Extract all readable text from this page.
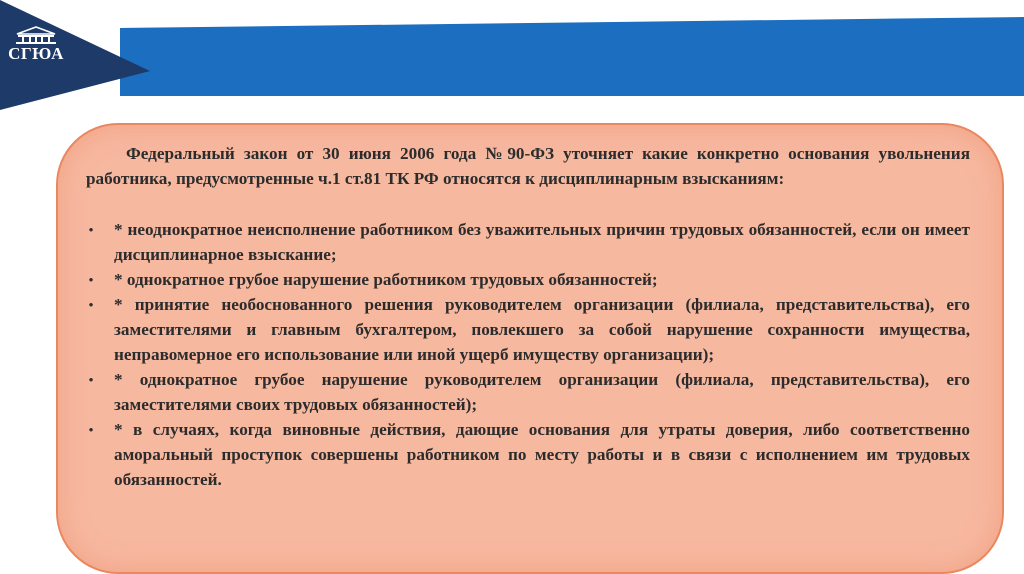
СГЮА

Федеральный закон от 30 июня 2006 года №90-ФЗ уточняет какие конкретно основания увольнения работника, предусмотренные ч.1 ст.81 ТК РФ относятся к дисциплинарным взысканиям:

• * неоднократное неисполнение работником без уважительных причин трудовых обязанностей, если он имеет дисциплинарное взыскание;
• * однократное грубое нарушение работником трудовых обязанностей;
• * принятие необоснованного решения руководителем организации (филиала, представительства), его заместителями и главным бухгалтером, повлекшего за собой нарушение сохранности имущества, неправомерное его использование или иной ущерб имуществу организации);
• * однократное грубое нарушение руководителем организации (филиала, представительства), его заместителями своих трудовых обязанностей);
• * в случаях, когда виновные действия, дающие основания для утраты доверия, либо соответственно аморальный проступок совершены работником по месту работы и в связи с исполнением им трудовых обязанностей.
